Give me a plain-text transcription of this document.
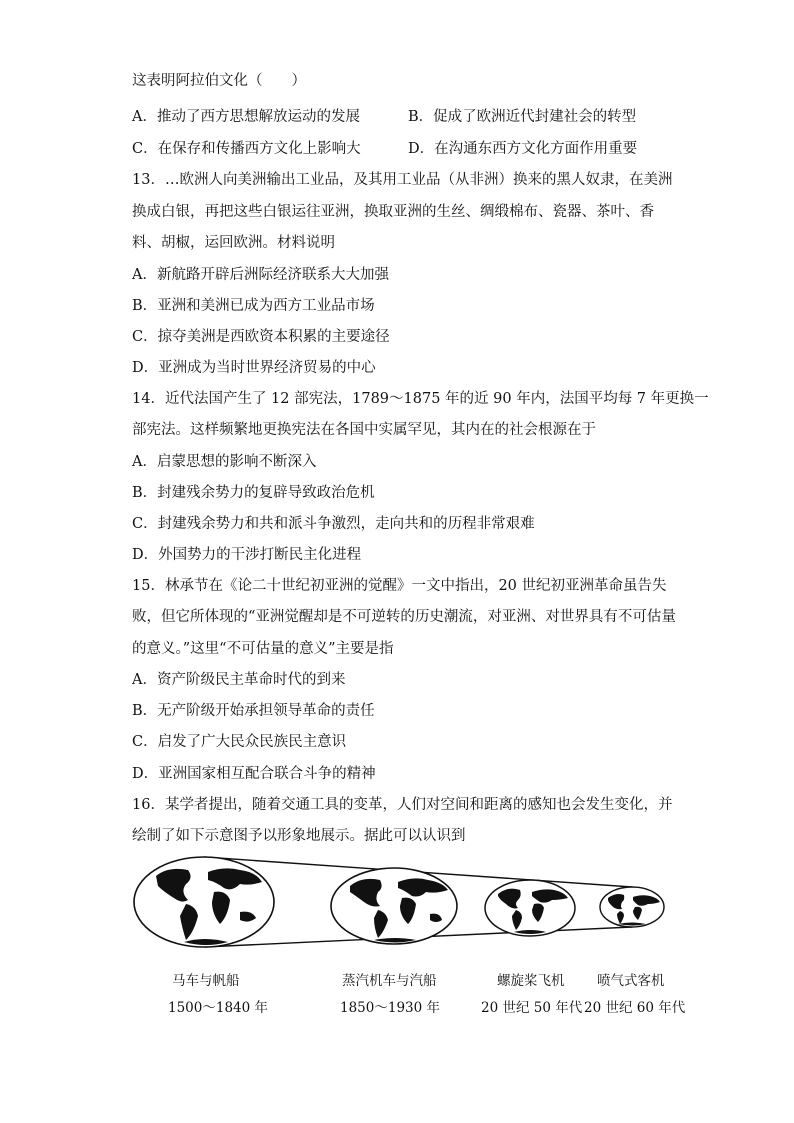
这表明阿拉伯文化（　　）
A．推动了西方思想解放运动的发展	B．促成了欧洲近代封建社会的转型
C．在保存和传播西方文化上影响大	D．在沟通东西方文化方面作用重要
13．…欧洲人向美洲输出工业品，及其用工业品（从非洲）换来的黑人奴隶，在美洲
换成白银，再把这些白银运往亚洲，换取亚洲的生丝、绸缎棉布、瓷器、茶叶、香
料、胡椒，运回欧洲。材料说明
A．新航路开辟后洲际经济联系大大加强
B．亚洲和美洲已成为西方工业品市场
C．掠夺美洲是西欧资本积累的主要途径
D．亚洲成为当时世界经济贸易的中心
14．近代法国产生了 12 部宪法，1789～1875 年的近 90 年内，法国平均每 7 年更换一
部宪法。这样频繁地更换宪法在各国中实属罕见，其内在的社会根源在于
A．启蒙思想的影响不断深入
B．封建残余势力的复辟导致政治危机
C．封建残余势力和共和派斗争激烈，走向共和的历程非常艰难
D．外国势力的干涉打断民主化进程
15．林承节在《论二十世纪初亚洲的觉醒》一文中指出，20 世纪初亚洲革命虽告失
败，但它所体现的“亚洲觉醒却是不可逆转的历史潮流，对亚洲、对世界具有不可估量
的意义。”这里“不可估量的意义”主要是指
A．资产阶级民主革命时代的到来
B．无产阶级开始承担领导革命的责任
C．启发了广大民众民族民主意识
D．亚洲国家相互配合联合斗争的精神
16．某学者提出，随着交通工具的变革，人们对空间和距离的感知也会发生变化，并
绘制了如下示意图予以形象地展示。据此可以认识到
马车与帆船
1500～1840 年
蒸汽机车与汽船
1850～1930 年
螺旋桨飞机
20 世纪 50 年代
喷气式客机
20 世纪 60 年代
